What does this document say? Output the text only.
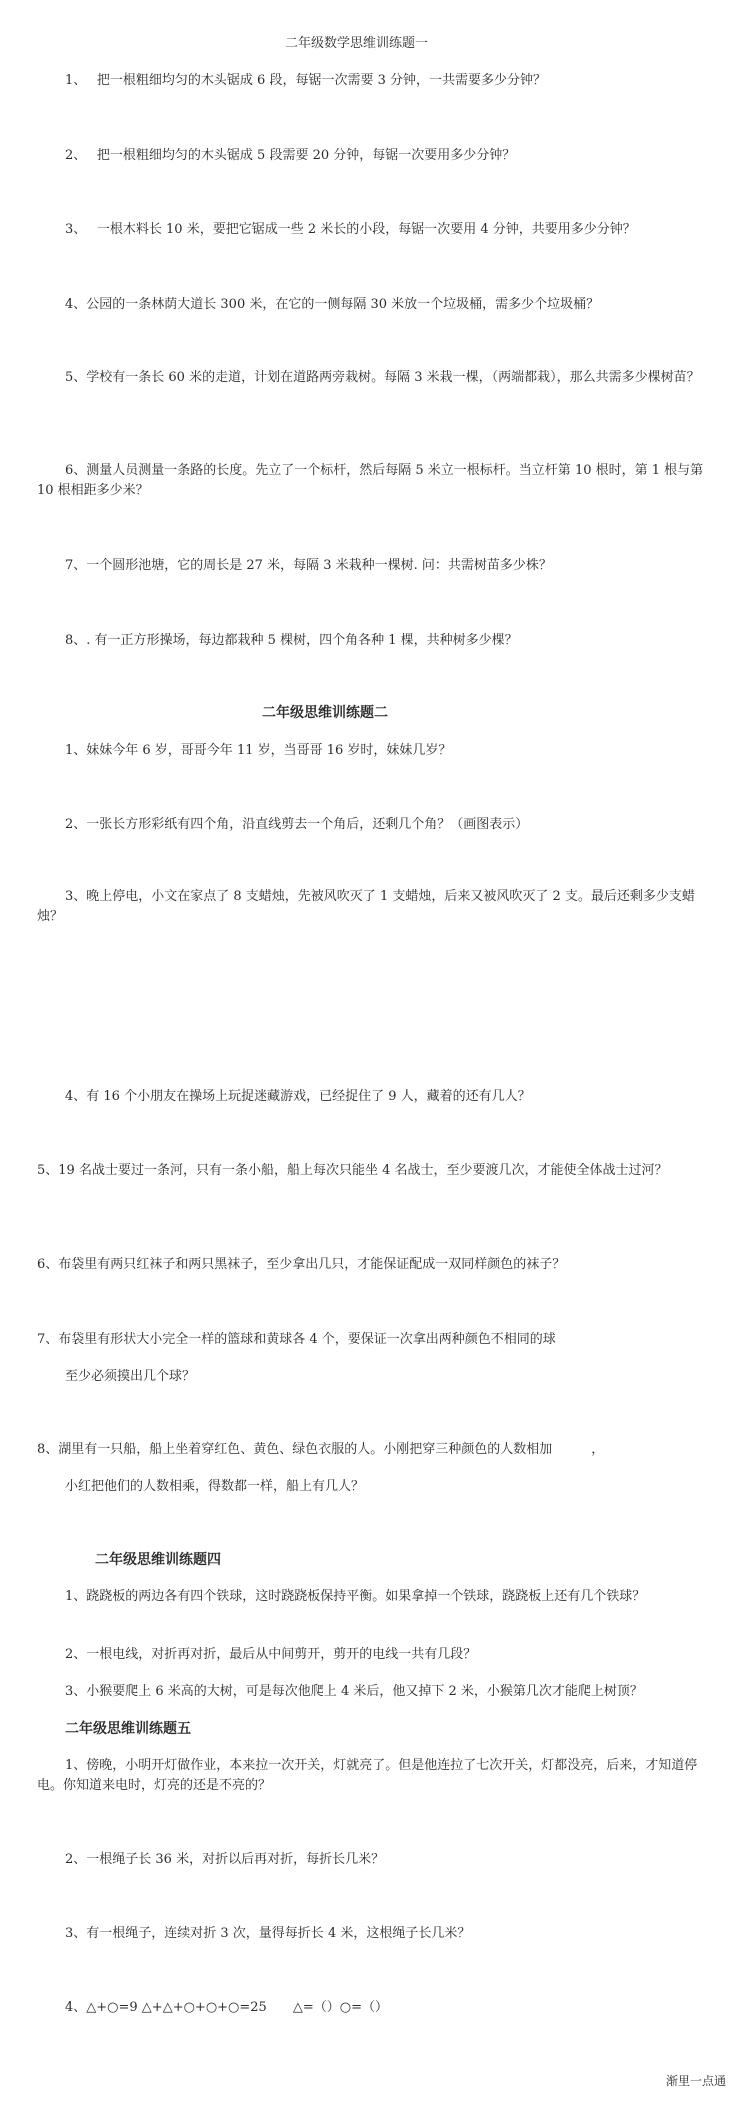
二年级数学思维训练题一
1、　 把一根粗细均匀的木头锯成 6 段，每锯一次需要 3 分钟，一共需要多少分钟？
2、　 把一根粗细均匀的木头锯成 5 段需要 20 分钟，每锯一次要用多少分钟？
3、　 一根木料长 10 米，要把它锯成一些 2 米长的小段，每锯一次要用 4 分钟，共要用多少分钟？
4、公园的一条林荫大道长 300 米，在它的一侧每隔 30 米放一个垃圾桶，需多少个垃圾桶？
5、学校有一条长 60 米的走道，计划在道路两旁栽树。每隔 3 米栽一棵，（两端都栽），那么共需多少棵树苗？
6、测量人员测量一条路的长度。先立了一个标杆，然后每隔 5 米立一根标杆。当立杆第 10 根时，第 1 根与第 10 根相距多少米？
7、一个圆形池塘，它的周长是 27 米，每隔 3 米栽种一棵树. 问：共需树苗多少株？
8、. 有一正方形操场，每边都栽种 5 棵树，四个角各种 1 棵，共种树多少棵？
二年级思维训练题二
1、妹妹今年 6 岁，哥哥今年 11 岁，当哥哥 16 岁时，妹妹几岁？
2、一张长方形彩纸有四个角，沿直线剪去一个角后，还剩几个角？（画图表示）
3、晚上停电，小文在家点了 8 支蜡烛，先被风吹灭了 1 支蜡烛，后来又被风吹灭了 2 支。最后还剩多少支蜡烛？
4、有 16 个小朋友在操场上玩捉迷藏游戏，已经捉住了 9 人，藏着的还有几人？
5、19 名战士要过一条河，只有一条小船，船上每次只能坐 4 名战士，至少要渡几次，才能使全体战士过河？
6、布袋里有两只红袜子和两只黑袜子，至少拿出几只，才能保证配成一双同样颜色的袜子？
7、布袋里有形状大小完全一样的篮球和黄球各 4 个，要保证一次拿出两种颜色不相同的球
至少必须摸出几个球？
8、湖里有一只船，船上坐着穿红色、黄色、绿色衣服的人。小刚把穿三种颜色的人数相加　　　，
小红把他们的人数相乘，得数都一样，船上有几人？
二年级思维训练题四
1、跷跷板的两边各有四个铁球，这时跷跷板保持平衡。如果拿掉一个铁球，跷跷板上还有几个铁球？
2、一根电线，对折再对折，最后从中间剪开，剪开的电线一共有几段？
3、小猴要爬上 6 米高的大树，可是每次他爬上 4 米后，他又掉下 2 米，小猴第几次才能爬上树顶？
二年级思维训练题五
1、傍晚，小明开灯做作业，本来拉一次开关，灯就亮了。但是他连拉了七次开关，灯都没亮，后来，才知道停电。你知道来电时，灯亮的还是不亮的？
2、一根绳子长 36 米，对折以后再对折，每折长几米？
3、有一根绳子，连续对折 3 次，量得每折长 4 米，这根绳子长几米？
4、△+○=9 △+△+○+○+○=25　　△=（）○=（）
渐里一点通
